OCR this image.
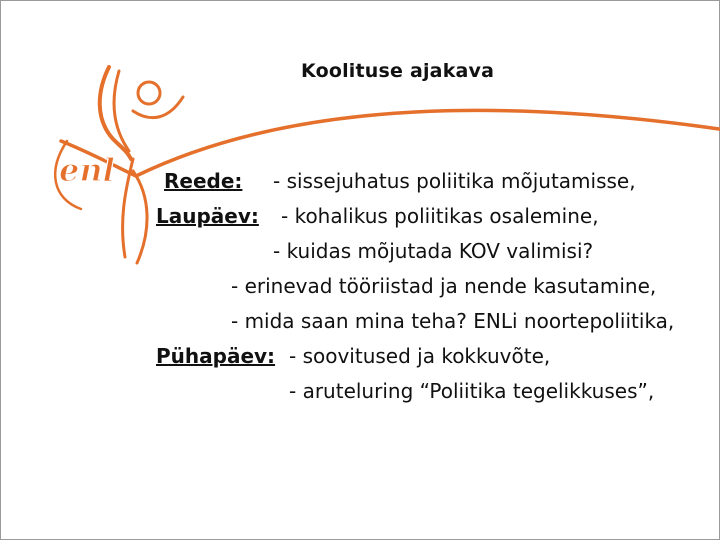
enl
Koolituse ajakava
Reede: - sissejuhatus poliitika mõjutamisse,
Laupäev: - kohalikus poliitikas osalemine,
- kuidas mõjutada KOV valimisi?
- erinevad tööriistad ja nende kasutamine,
- mida saan mina teha? ENLi noortepoliitika,
Pühapäev: - soovitused ja kokkuvõte,
- aruteluring “Poliitika tegelikkuses”,
